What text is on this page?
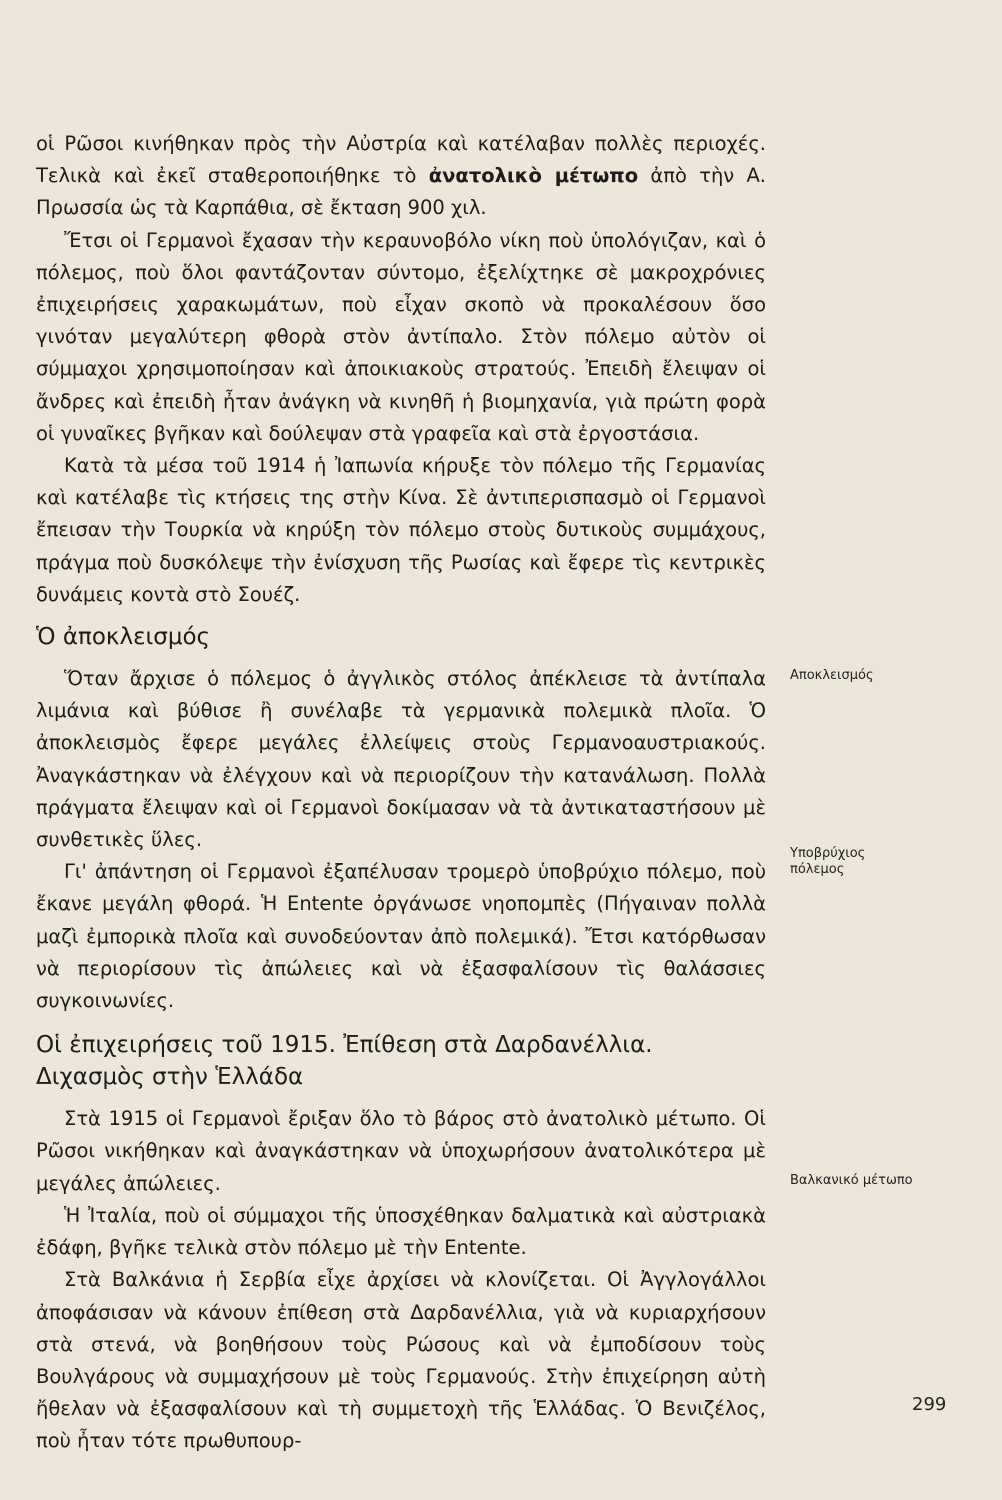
οἱ Ρῶσοι κινήθηκαν πρὸς τὴν Αὐστρία καὶ κατέλαβαν πολλὲς περιοχές. Τελικὰ καὶ ἐκεῖ σταθεροποιήθηκε τὸ ἀνατολικὸ μέτωπο ἀπὸ τὴν Α. Πρωσσία ὡς τὰ Καρπάθια, σὲ ἔκταση 900 χιλ.

Ἔτσι οἱ Γερμανοὶ ἔχασαν τὴν κεραυνοβόλο νίκη ποὺ ὑπολόγιζαν, καὶ ὁ πόλεμος, ποὺ ὅλοι φαντάζονταν σύντομο, ἐξελίχτηκε σὲ μακροχρόνιες ἐπιχειρήσεις χαρακωμάτων, ποὺ εἶχαν σκοπὸ νὰ προκαλέσουν ὅσο γινόταν μεγαλύτερη φθορὰ στὸν ἀντίπαλο. Στὸν πόλεμο αὐτὸν οἱ σύμμαχοι χρησιμοποίησαν καὶ ἀποικιακοὺς στρατούς. Ἐπειδὴ ἔλειψαν οἱ ἄνδρες καὶ ἐπειδὴ ἦταν ἀνάγκη νὰ κινηθῆ ἡ βιομηχανία, γιὰ πρώτη φορὰ οἱ γυναῖκες βγῆκαν καὶ δούλεψαν στὰ γραφεῖα καὶ στὰ ἐργοστάσια.

Κατὰ τὰ μέσα τοῦ 1914 ἡ Ἰαπωνία κήρυξε τὸν πόλεμο τῆς Γερμανίας καὶ κατέλαβε τὶς κτήσεις της στὴν Κίνα. Σὲ ἀντιπερισπασμὸ οἱ Γερμανοὶ ἔπεισαν τὴν Τουρκία νὰ κηρύξη τὸν πόλεμο στοὺς δυτικοὺς συμμάχους, πράγμα ποὺ δυσκόλεψε τὴν ἐνίσχυση τῆς Ρωσίας καὶ ἔφερε τὶς κεντρικὲς δυνάμεις κοντὰ στὸ Σουέζ.

Ὁ ἀποκλεισμός

Ὅταν ἄρχισε ὁ πόλεμος ὁ ἀγγλικὸς στόλος ἀπέκλεισε τὰ ἀντίπαλα λιμάνια καὶ βύθισε ἢ συνέλαβε τὰ γερμανικὰ πολεμικὰ πλοῖα. Ὁ ἀποκλεισμὸς ἔφερε μεγάλες ἐλλείψεις στοὺς Γερμανοαυστριακούς. Ἀναγκάστηκαν νὰ ἐλέγχουν καὶ νὰ περιορίζουν τὴν κατανάλωση. Πολλὰ πράγματα ἔλειψαν καὶ οἱ Γερμανοὶ δοκίμασαν νὰ τὰ ἀντικαταστήσουν μὲ συνθετικὲς ὕλες.

Γι' ἀπάντηση οἱ Γερμανοὶ ἐξαπέλυσαν τρομερὸ ὑποβρύχιο πόλεμο, ποὺ ἔκανε μεγάλη φθορά. Ἡ Entente ὀργάνωσε νηοπομπὲς (Πήγαιναν πολλὰ μαζὶ ἐμπορικὰ πλοῖα καὶ συνοδεύονταν ἀπὸ πολεμικά). Ἔτσι κατόρθωσαν νὰ περιορίσουν τὶς ἀπώλειες καὶ νὰ ἐξασφαλίσουν τὶς θαλάσσιες συγκοινωνίες.

Οἱ ἐπιχειρήσεις τοῦ 1915. Ἐπίθεση στὰ Δαρδανέλλια.
Διχασμὸς στὴν Ἑλλάδα

Στὰ 1915 οἱ Γερμανοὶ ἔριξαν ὅλο τὸ βάρος στὸ ἀνατολικὸ μέτωπο. Οἱ Ρῶσοι νικήθηκαν καὶ ἀναγκάστηκαν νὰ ὑποχωρήσουν ἀνατολικότερα μὲ μεγάλες ἀπώλειες.

Ἡ Ἰταλία, ποὺ οἱ σύμμαχοι τῆς ὑποσχέθηκαν δαλματικὰ καὶ αὐστριακὰ ἐδάφη, βγῆκε τελικὰ στὸν πόλεμο μὲ τὴν Entente.

Στὰ Βαλκάνια ἡ Σερβία εἶχε ἀρχίσει νὰ κλονίζεται. Οἱ Ἀγγλογάλλοι ἀποφάσισαν νὰ κάνουν ἐπίθεση στὰ Δαρδανέλλια, γιὰ νὰ κυριαρχήσουν στὰ στενά, νὰ βοηθήσουν τοὺς Ρώσους καὶ νὰ ἐμποδίσουν τοὺς Βουλγάρους νὰ συμμαχήσουν μὲ τοὺς Γερμανούς. Στὴν ἐπιχείρηση αὐτὴ ἤθελαν νὰ ἐξασφαλίσουν καὶ τὴ συμμετοχὴ τῆς Ἑλλάδας. Ὁ Βενιζέλος, ποὺ ἦταν τότε πρωθυπουρ-

Αποκλεισμός
Υποβρύχιος πόλεμος
Βαλκανικό μέτωπο
299
